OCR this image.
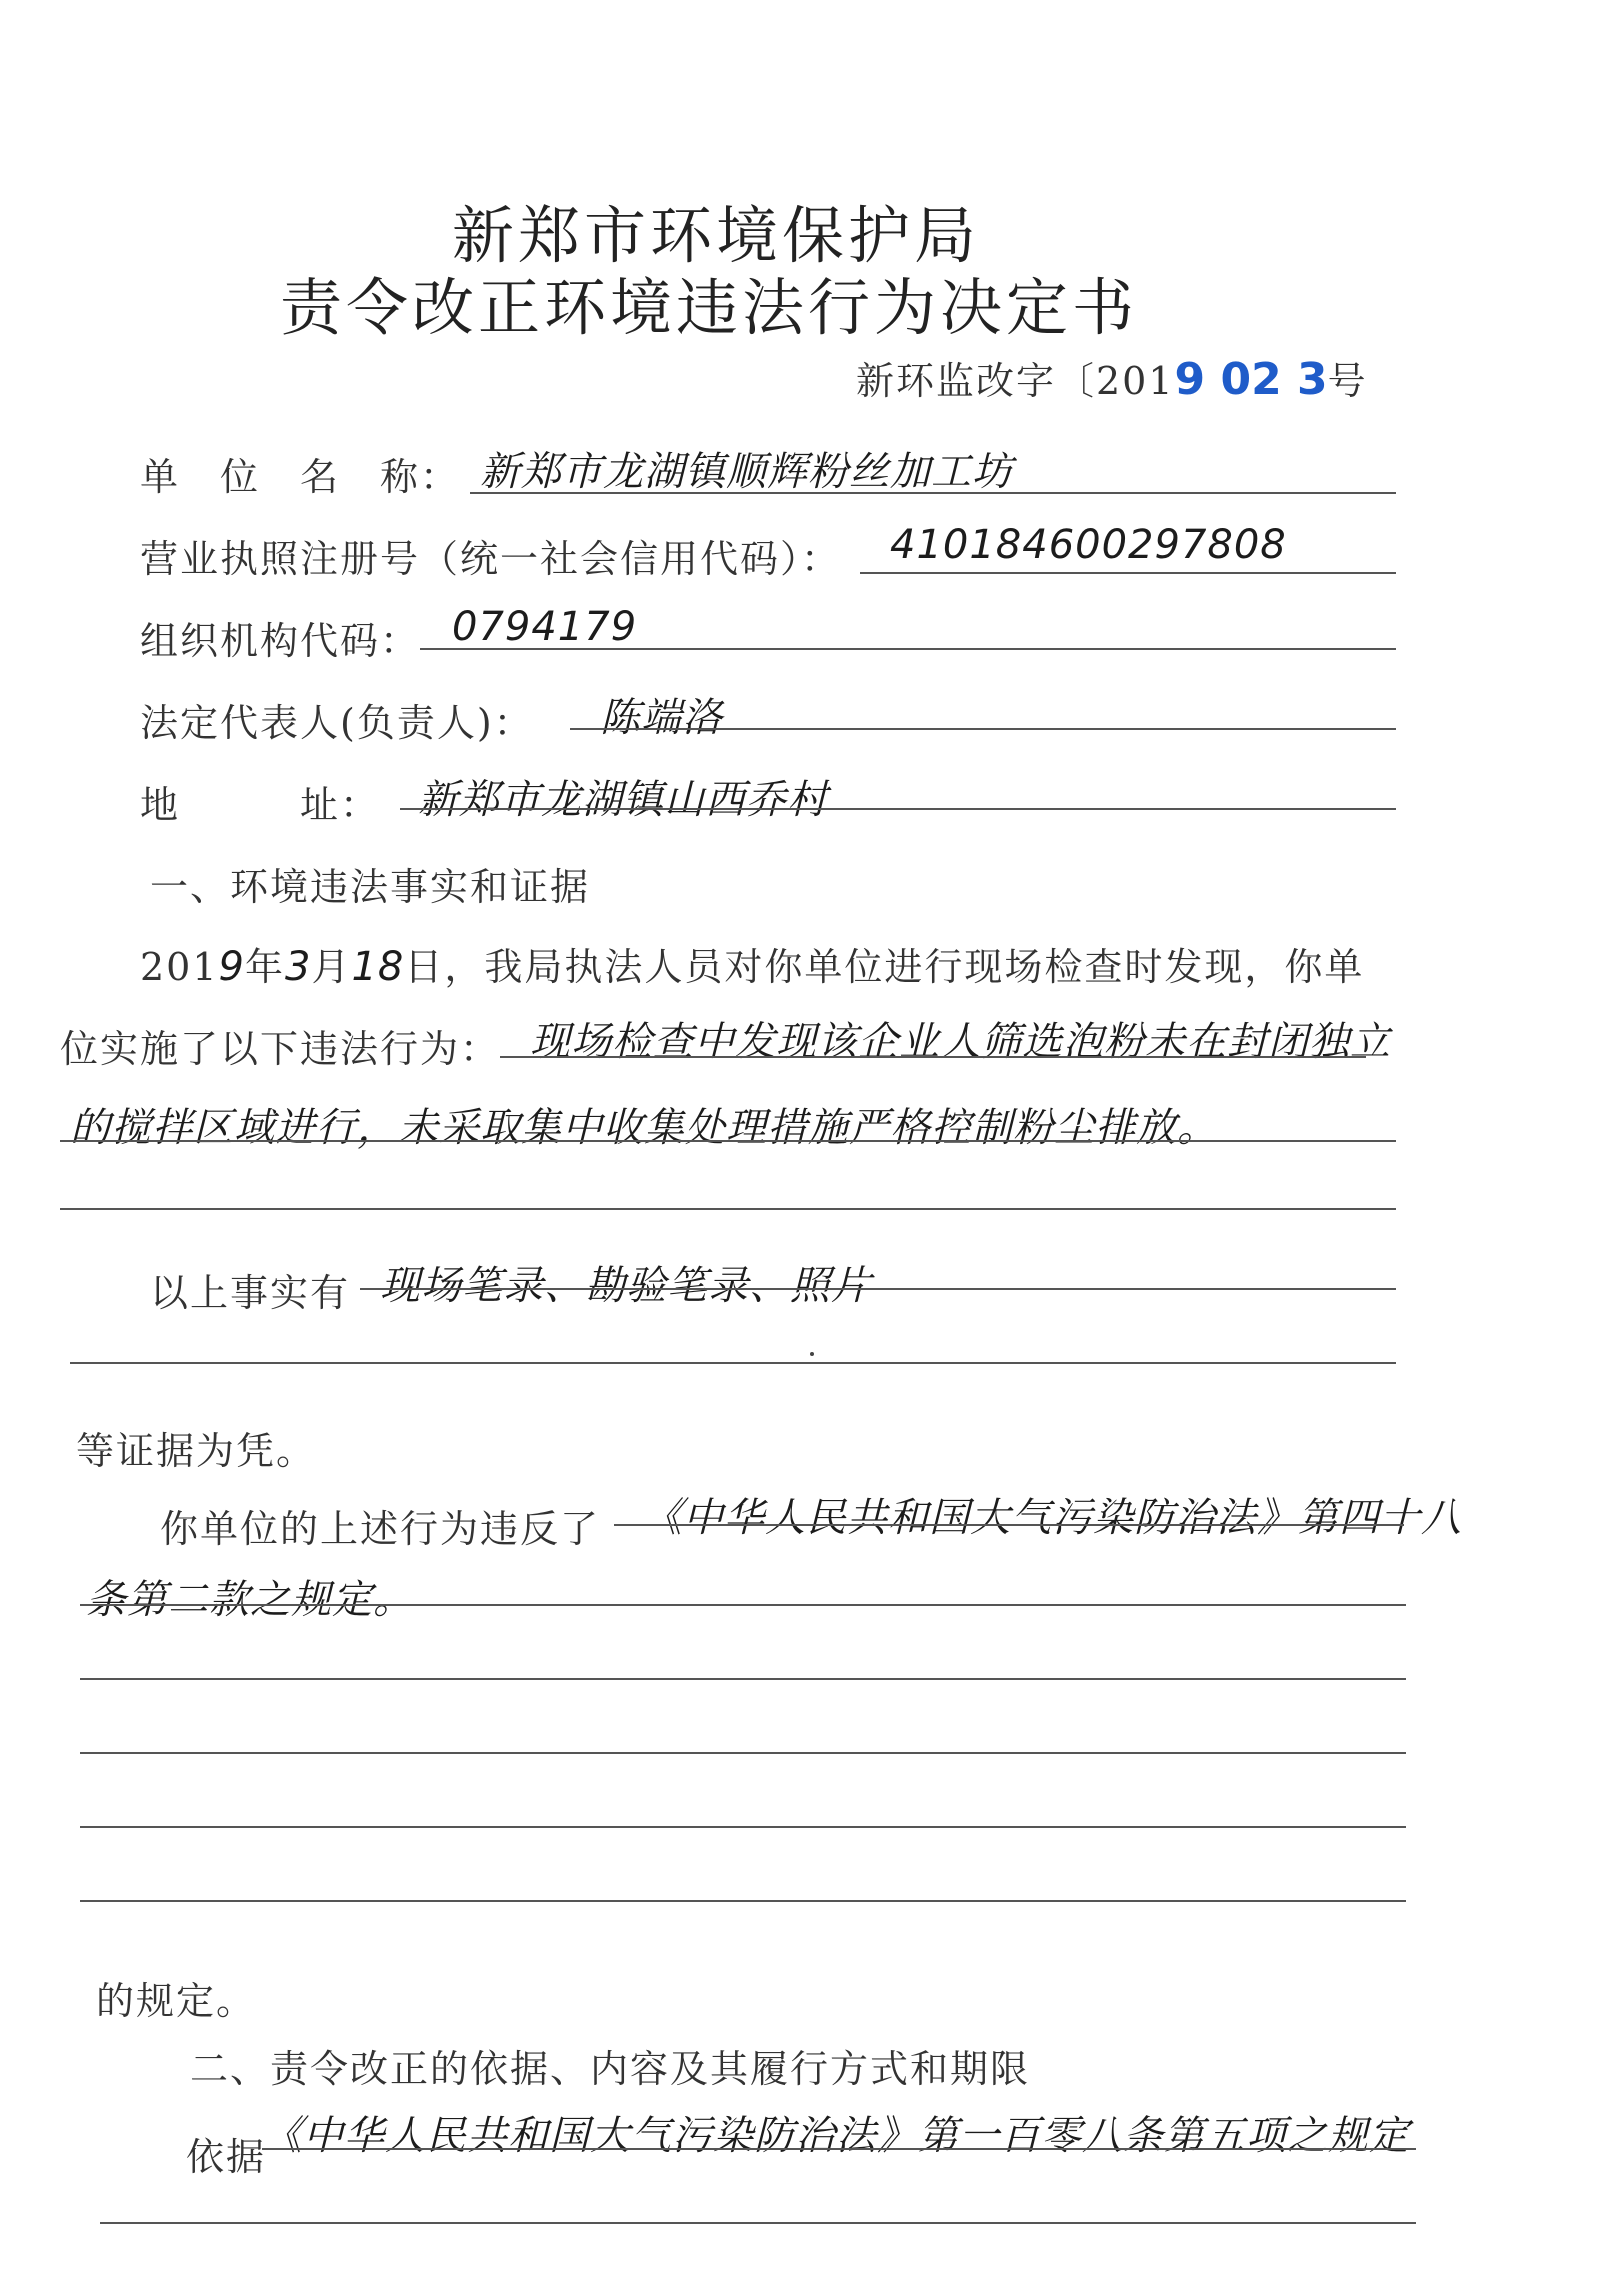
新郑市环境保护局
责令改正环境违法行为决定书
新环监改字〔2019 02 3号
单　位　名　称： 新郑市龙湖镇顺辉粉丝加工坊
营业执照注册号（统一社会信用代码）： 410184600297808
组织机构代码： 0794179
法定代表人(负责人)： 陈端洛
地　　　址： 新郑市龙湖镇山西乔村
一、环境违法事实和证据
2019年3月18日，我局执法人员对你单位进行现场检查时发现，你单
位实施了以下违法行为： 现场检查中发现该企业人筛选泡粉未在封闭独立
的搅拌区域进行，未采取集中收集处理措施严格控制粉尘排放。
以上事实有 现场笔录、勘验笔录、照片
等证据为凭。
你单位的上述行为违反了 《中华人民共和国大气污染防治法》第四十八
条第二款之规定。
的规定。
二、责令改正的依据、内容及其履行方式和期限
依据
《中华人民共和国大气污染防治法》第一百零八条第五项之规定
